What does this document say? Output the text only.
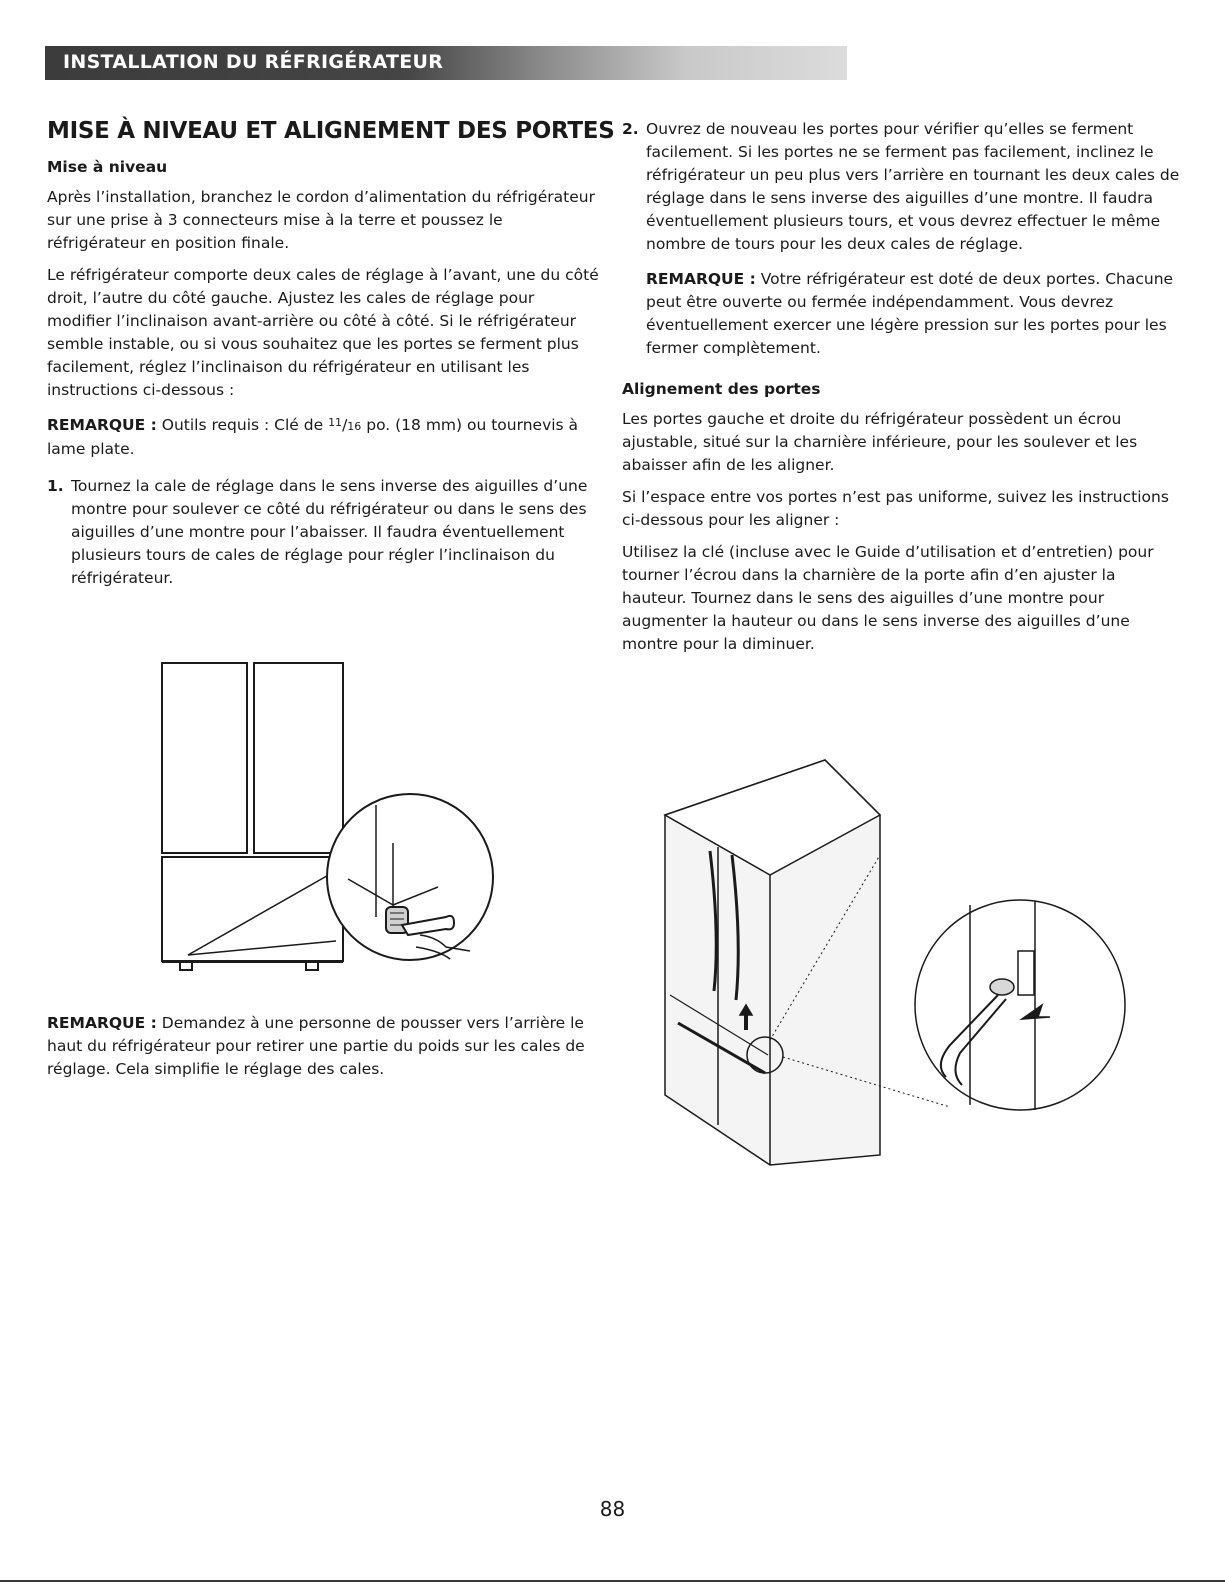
INSTALLATION DU RÉFRIGÉRATEUR
MISE À NIVEAU ET ALIGNEMENT DES PORTES
Mise à niveau

Après l’installation, branchez le cordon d’alimentation du réfrigérateur sur une prise à 3 connecteurs mise à la terre et poussez le réfrigérateur en position finale.

Le réfrigérateur comporte deux cales de réglage à l’avant, une du côté droit, l’autre du côté gauche. Ajustez les cales de réglage pour modifier l’inclinaison avant-arrière ou côté à côté. Si le réfrigérateur semble instable, ou si vous souhaitez que les portes se ferment plus facilement, réglez l’inclinaison du réfrigérateur en utilisant les instructions ci-dessous :

REMARQUE : Outils requis : Clé de $^{11}$/16 po. (18 mm) ou tournevis à lame plate.

1. Tournez la cale de réglage dans le sens inverse des aiguilles d’une montre pour soulever ce côté du réfrigérateur ou dans le sens des aiguilles d’une montre pour l’abaisser. Il faudra éventuellement plusieurs tours de cales de réglage pour régler l’inclinaison du réfrigérateur.

REMARQUE : Demandez à une personne de pousser vers l’arrière le haut du réfrigérateur pour retirer une partie du poids sur les cales de réglage. Cela simplifie le réglage des cales.

2. Ouvrez de nouveau les portes pour vérifier qu’elles se ferment facilement. Si les portes ne se ferment pas facilement, inclinez le réfrigérateur un peu plus vers l’arrière en tournant les deux cales de réglage dans le sens inverse des aiguilles d’une montre. Il faudra éventuellement plusieurs tours, et vous devrez effectuer le même nombre de tours pour les deux cales de réglage.

REMARQUE : Votre réfrigérateur est doté de deux portes. Chacune peut être ouverte ou fermée indépendamment. Vous devrez éventuellement exercer une légère pression sur les portes pour les fermer complètement.

Alignement des portes

Les portes gauche et droite du réfrigérateur possèdent un écrou ajustable, situé sur la charnière inférieure, pour les soulever et les abaisser afin de les aligner.

Si l’espace entre vos portes n’est pas uniforme, suivez les instructions ci-dessous pour les aligner :

Utilisez la clé (incluse avec le Guide d’utilisation et d’entretien) pour tourner l’écrou dans la charnière de la porte afin d’en ajuster la hauteur. Tournez dans le sens des aiguilles d’une montre pour augmenter la hauteur ou dans le sens inverse des aiguilles d’une montre pour la diminuer.

88
